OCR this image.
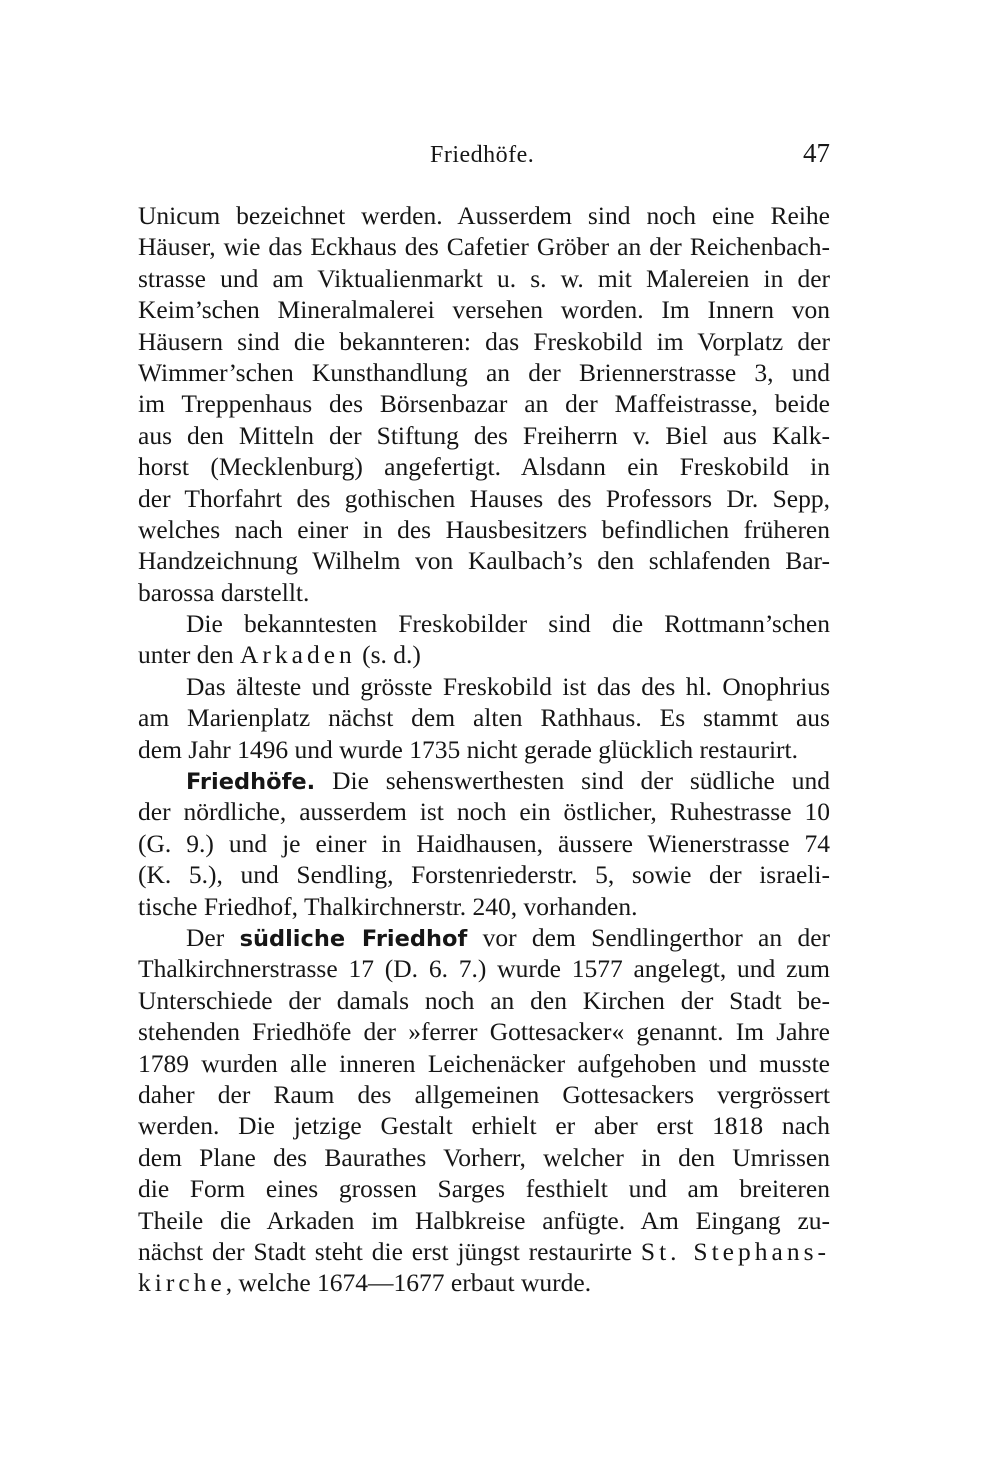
Friedhöfe.	47
Unicum bezeichnet werden. Ausserdem sind noch eine Reihe
Häuser, wie das Eckhaus des Cafetier Gröber an der Reichenbach-
strasse und am Viktualienmarkt u. s. w. mit Malereien in der
Keim’schen Mineralmalerei versehen worden. Im Innern von
Häusern sind die bekannteren: das Freskobild im Vorplatz der
Wimmer’schen Kunsthandlung an der Briennerstrasse 3, und
im Treppenhaus des Börsenbazar an der Maffeistrasse, beide
aus den Mitteln der Stiftung des Freiherrn v. Biel aus Kalk-
horst (Mecklenburg) angefertigt. Alsdann ein Freskobild in
der Thorfahrt des gothischen Hauses des Professors Dr. Sepp,
welches nach einer in des Hausbesitzers befindlichen früheren
Handzeichnung Wilhelm von Kaulbach’s den schlafenden Bar-
barossa darstellt.
Die bekanntesten Freskobilder sind die Rottmann’schen
unter den Arkaden (s. d.)
Das älteste und grösste Freskobild ist das des hl. Onophrius
am Marienplatz nächst dem alten Rathhaus. Es stammt aus
dem Jahr 1496 und wurde 1735 nicht gerade glücklich restaurirt.
Friedhöfe. Die sehenswerthesten sind der südliche und
der nördliche, ausserdem ist noch ein östlicher, Ruhestrasse 10
(G. 9.) und je einer in Haidhausen, äussere Wienerstrasse 74
(K. 5.), und Sendling, Forstenriederstr. 5, sowie der israeli-
tische Friedhof, Thalkirchnerstr. 240, vorhanden.
Der südliche Friedhof vor dem Sendlingerthor an der
Thalkirchnerstrasse 17 (D. 6. 7.) wurde 1577 angelegt, und zum
Unterschiede der damals noch an den Kirchen der Stadt be-
stehenden Friedhöfe der »ferrer Gottesacker« genannt. Im Jahre
1789 wurden alle inneren Leichenäcker aufgehoben und musste
daher der Raum des allgemeinen Gottesackers vergrössert
werden. Die jetzige Gestalt erhielt er aber erst 1818 nach
dem Plane des Baurathes Vorherr, welcher in den Umrissen
die Form eines grossen Sarges festhielt und am breiteren
Theile die Arkaden im Halbkreise anfügte. Am Eingang zu-
nächst der Stadt steht die erst jüngst restaurirte St. Stephans-
kirche, welche 1674—1677 erbaut wurde.
